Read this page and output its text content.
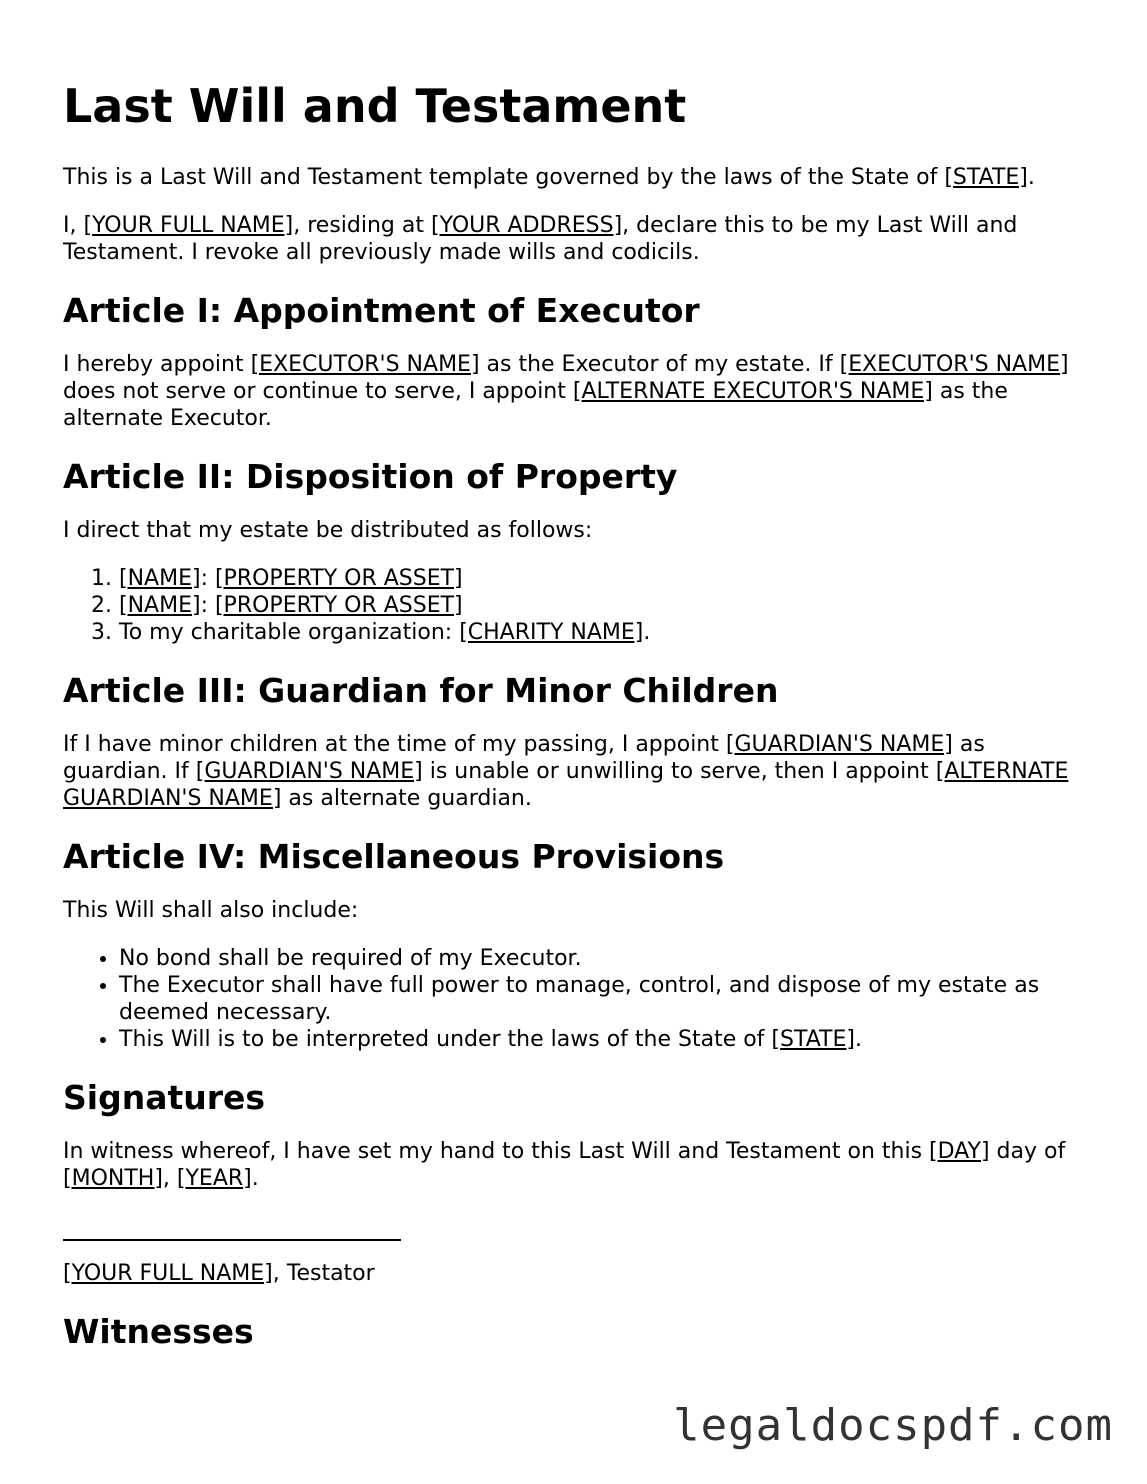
Last Will and Testament

This is a Last Will and Testament template governed by the laws of the State of [STATE].

I, [YOUR FULL NAME], residing at [YOUR ADDRESS], declare this to be my Last Will and Testament. I revoke all previously made wills and codicils.

Article I: Appointment of Executor

I hereby appoint [EXECUTOR'S NAME] as the Executor of my estate. If [EXECUTOR'S NAME] does not serve or continue to serve, I appoint [ALTERNATE EXECUTOR'S NAME] as the alternate Executor.

Article II: Disposition of Property

I direct that my estate be distributed as follows:

1. [NAME]: [PROPERTY OR ASSET]
2. [NAME]: [PROPERTY OR ASSET]
3. To my charitable organization: [CHARITY NAME].
Article III: Guardian for Minor Children

If I have minor children at the time of my passing, I appoint [GUARDIAN'S NAME] as guardian. If [GUARDIAN'S NAME] is unable or unwilling to serve, then I appoint [ALTERNATE GUARDIAN'S NAME] as alternate guardian.

Article IV: Miscellaneous Provisions

This Will shall also include:

• No bond shall be required of my Executor.
• The Executor shall have full power to manage, control, and dispose of my estate as deemed necessary.
• This Will is to be interpreted under the laws of the State of [STATE].
Signatures

In witness whereof, I have set my hand to this Last Will and Testament on this [DAY] day of [MONTH], [YEAR].

[YOUR FULL NAME], Testator

Witnesses
legaldocspdf.com
